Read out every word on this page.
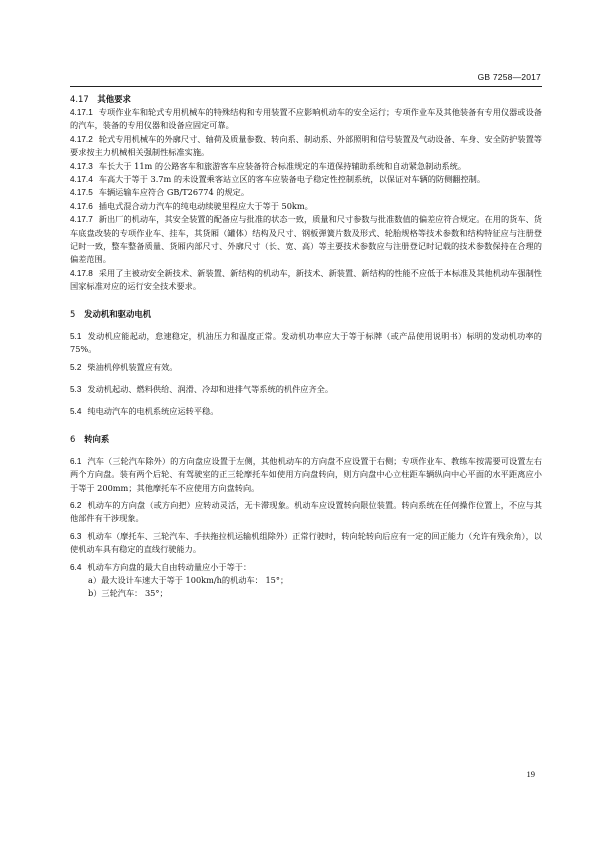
GB 7258—2017
4.17 其他要求
4.17.1 专项作业车和轮式专用机械车的特殊结构和专用装置不应影响机动车的安全运行；专项作业车及其他装备有专用仪器或设备的汽车，装备的专用仪器和设备应固定可靠。
4.17.2 轮式专用机械车的外廓尺寸、轴荷及质量参数、转向系、制动系、外部照明和信号装置及气动设备、车身、安全防护装置等要求按主力机械相关强制性标准实施。
4.17.3 车长大于 11m 的公路客车和旅游客车应装备符合标准规定的车道保持辅助系统和自动紧急制动系统。
4.17.4 车高大于等于 3.7m 的未设置乘客站立区的客车应装备电子稳定性控制系统，以保证对车辆的防侧翻控制。
4.17.5 车辆运输车应符合 GB/T26774 的规定。
4.17.6 插电式混合动力汽车的纯电动续驶里程应大于等于 50km。
4.17.7 新出厂的机动车，其安全装置的配备应与批准的状态一致，质量和尺寸参数与批准数值的偏差应符合规定。在用的货车、货车底盘改装的专项作业车、挂车，其货厢（罐体）结构及尺寸、钢板弹簧片数及形式、轮胎规格等技术参数和结构特征应与注册登记时一致，整车整备质量、货厢内部尺寸、外廓尺寸（长、宽、高）等主要技术参数应与注册登记时记载的技术参数保持在合理的偏差范围。
4.17.8 采用了主被动安全新技术、新装置、新结构的机动车，新技术、新装置、新结构的性能不应低于本标准及其他机动车强制性国家标准对应的运行安全技术要求。
5 发动机和驱动电机
5.1 发动机应能起动，怠速稳定，机油压力和温度正常。发动机功率应大于等于标牌（或产品使用说明书）标明的发动机功率的 75%。
5.2 柴油机停机装置应有效。
5.3 发动机起动、燃料供给、润滑、冷却和进排气等系统的机件应齐全。
5.4 纯电动汽车的电机系统应运转平稳。
6 转向系
6.1 汽车（三轮汽车除外）的方向盘应设置于左侧，其他机动车的方向盘不应设置于右侧；专项作业车、教练车按需要可设置左右两个方向盘。装有两个后轮、有驾驶室的正三轮摩托车如使用方向盘转向，则方向盘中心立柱距车辆纵向中心平面的水平距离应小于等于 200mm；其他摩托车不应使用方向盘转向。
6.2 机动车的方向盘（或方向把）应转动灵活，无卡滞现象。机动车应设置转向限位装置。转向系统在任何操作位置上，不应与其他部件有干涉现象。
6.3 机动车（摩托车、三轮汽车、手扶拖拉机运输机组除外）正常行驶时，转向轮转向后应有一定的回正能力（允许有残余角），以使机动车具有稳定的直线行驶能力。
6.4 机动车方向盘的最大自由转动量应小于等于：
a）最大设计车速大于等于 100km/h的机动车： 15°；
b）三轮汽车： 35°；
19
